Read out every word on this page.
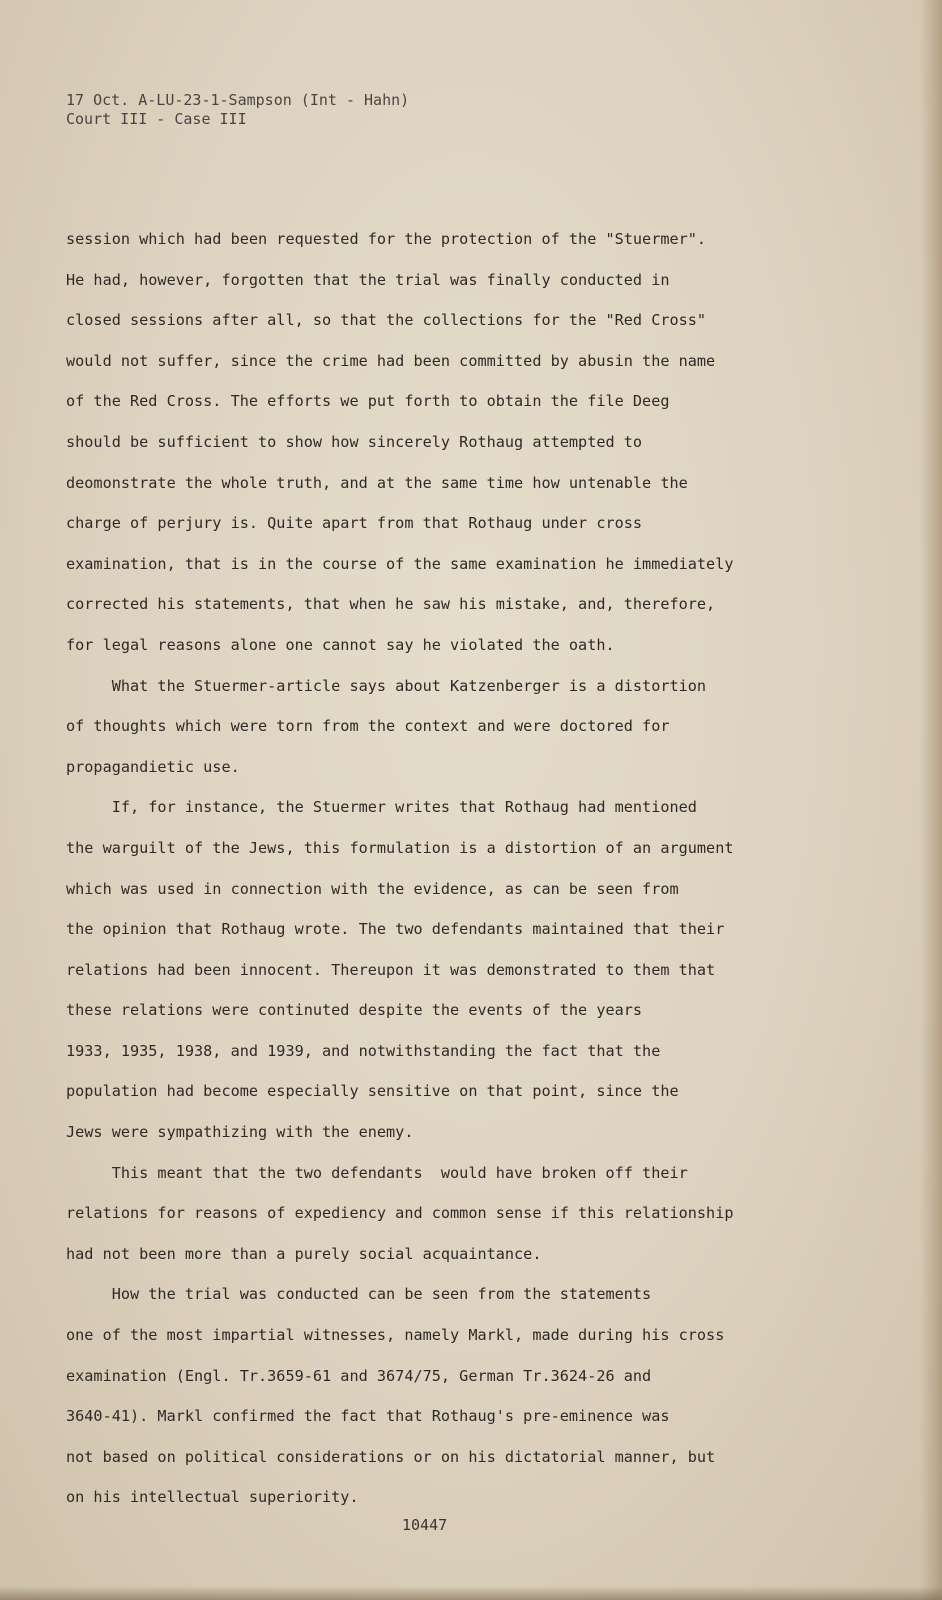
17 Oct. A-LU-23-1-Sampson (Int - Hahn)
Court III - Case III
session which had been requested for the protection of the "Stuermer".
He had, however, forgotten that the trial was finally conducted in
closed sessions after all, so that the collections for the "Red Cross"
would not suffer, since the crime had been committed by abusin the name
of the Red Cross. The efforts we put forth to obtain the file Deeg
should be sufficient to show how sincerely Rothaug attempted to
deomonstrate the whole truth, and at the same time how untenable the
charge of perjury is. Quite apart from that Rothaug under cross
examination, that is in the course of the same examination he immediately
corrected his statements, that when he saw his mistake, and, therefore,
for legal reasons alone one cannot say he violated the oath.
What the Stuermer-article says about Katzenberger is a distortion
of thoughts which were torn from the context and were doctored for
propagandietic use.
If, for instance, the Stuermer writes that Rothaug had mentioned
the warguilt of the Jews, this formulation is a distortion of an argument
which was used in connection with the evidence, as can be seen from
the opinion that Rothaug wrote. The two defendants maintained that their
relations had been innocent. Thereupon it was demonstrated to them that
these relations were continuted despite the events of the years
1933, 1935, 1938, and 1939, and notwithstanding the fact that the
population had become especially sensitive on that point, since the
Jews were sympathizing with the enemy.
This meant that the two defendants  would have broken off their
relations for reasons of expediency and common sense if this relationship
had not been more than a purely social acquaintance.
How the trial was conducted can be seen from the statements
one of the most impartial witnesses, namely Markl, made during his cross
examination (Engl. Tr.3659-61 and 3674/75, German Tr.3624-26 and
3640-41). Markl confirmed the fact that Rothaug's pre-eminence was
not based on political considerations or on his dictatorial manner, but
on his intellectual superiority.
10447
